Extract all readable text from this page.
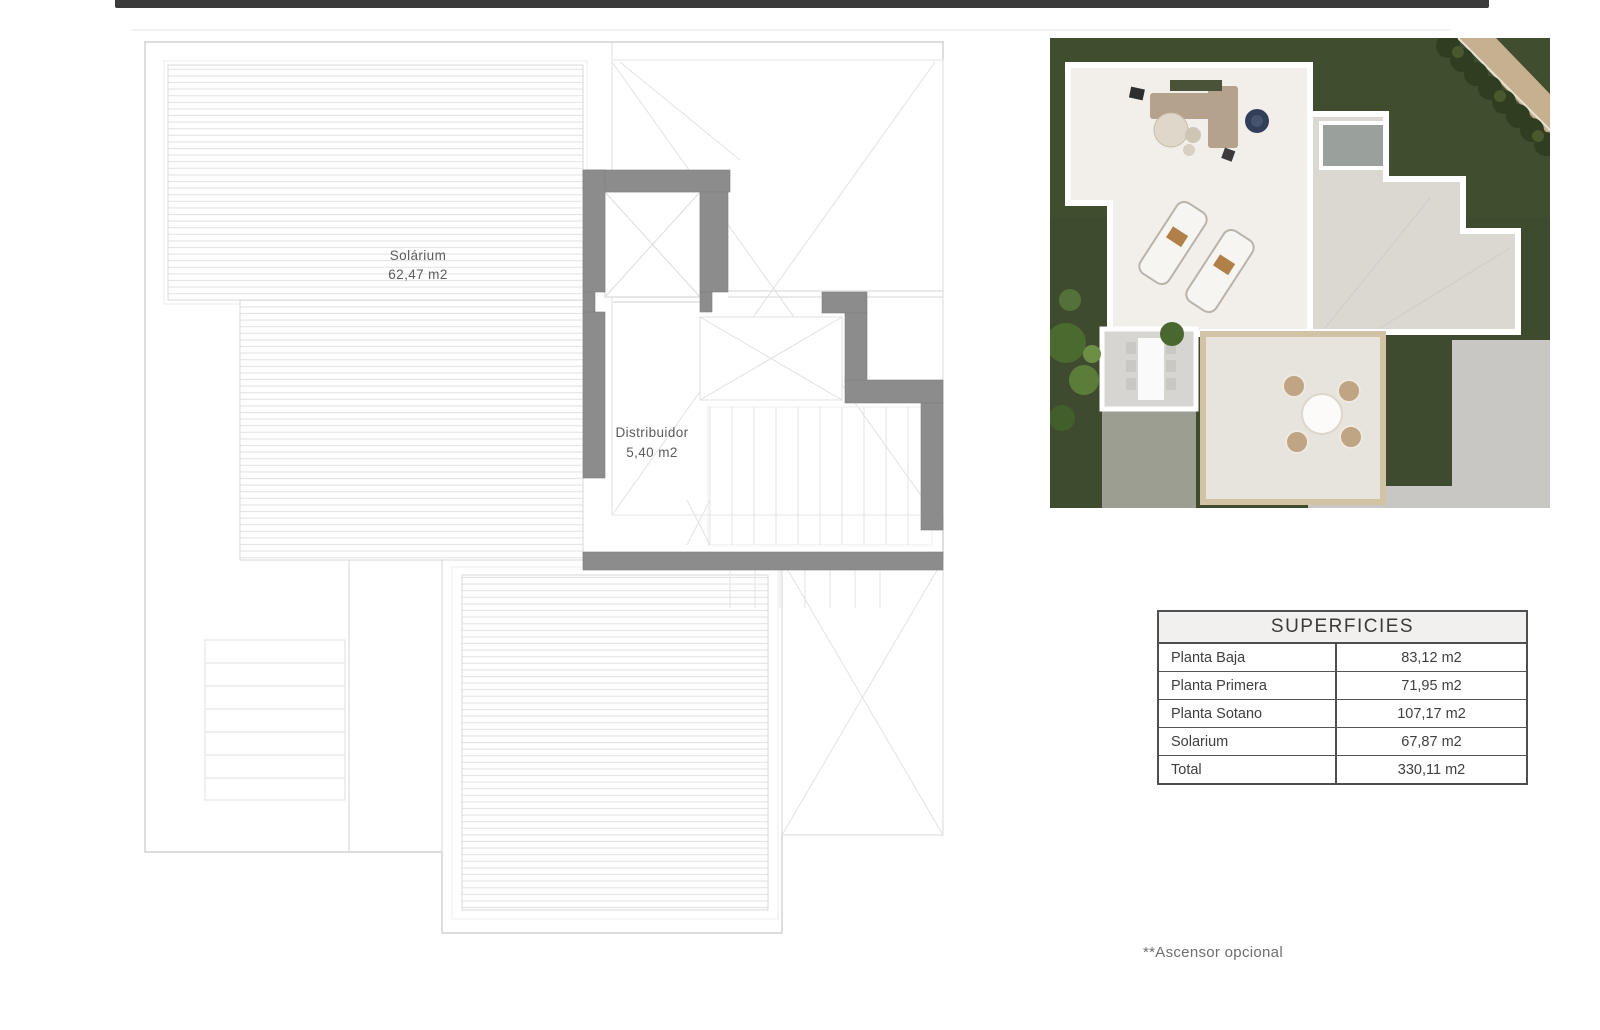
Solárium
62,47 m2
Distribuidor
5,40 m2
SUPERFICIES
Planta Baja	83,12 m2
Planta Primera	71,95 m2
Planta Sotano	107,17 m2
Solarium	67,87 m2
Total	330,11 m2
**Ascensor opcional
